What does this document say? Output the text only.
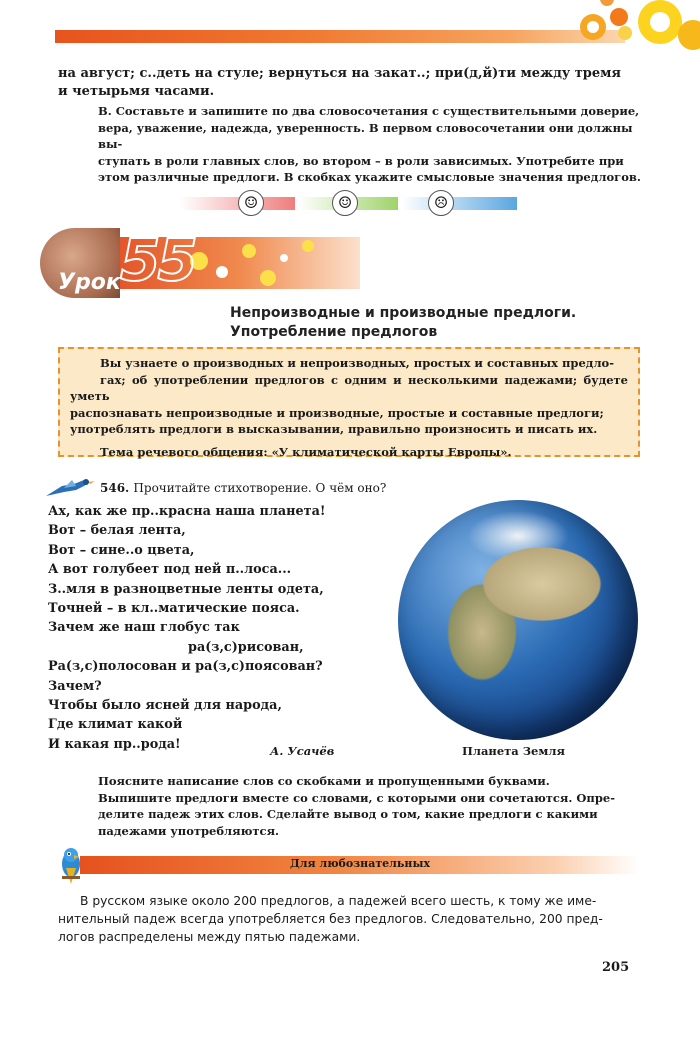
на август; с..деть на стуле; вернуться на закат..; при(д,й)ти между тремя
и четырьмя часами.
В. Составьте и запишите по два словосочетания с существительными доверие,
вера, уважение, надежда, уверенность. В первом словосочетании они должны вы-
ступать в роли главных слов, во втором – в роли зависимых. Употребите при
этом различные предлоги. В скобках укажите смысловые значения предлогов.
☺	☺	☹
Урок 55
Непроизводные и производные предлоги.
Употребление предлогов
Вы узнаете о производных и непроизводных, простых и составных предло-
гах; об употреблении предлогов с одним и несколькими падежами; будете уметь
распознавать непроизводные и производные, простые и составные предлоги;
употреблять предлоги в высказывании, правильно произносить и писать их.
Тема речевого общения: «У климатической карты Европы».
546. Прочитайте стихотворение. О чём оно?
Ах, как же пр..красна наша планета!
Вот – белая лента,
Вот – сине..о цвета,
А вот голубеет под ней п..лоса...
З..мля в разноцветные ленты одета,
Точней – в кл..матические пояса.
Зачем же наш глобус так
ра(з,с)рисован,
Ра(з,с)полосован и ра(з,с)поясован?
Зачем?
Чтобы было ясней для народа,
Где климат какой
И какая пр..рода!	А. Усачёв	Планета Земля
Поясните написание слов со скобками и пропущенными буквами.
Выпишите предлоги вместе со словами, с которыми они сочетаются. Опре-
делите падеж этих слов. Сделайте вывод о том, какие предлоги с какими
падежами употребляются.
Для любознательных
В русском языке около 200 предлогов, а падежей всего шесть, к тому же име-
нительный падеж всегда употребляется без предлогов. Следовательно, 200 пред-
логов распределены между пятью падежами.
205
